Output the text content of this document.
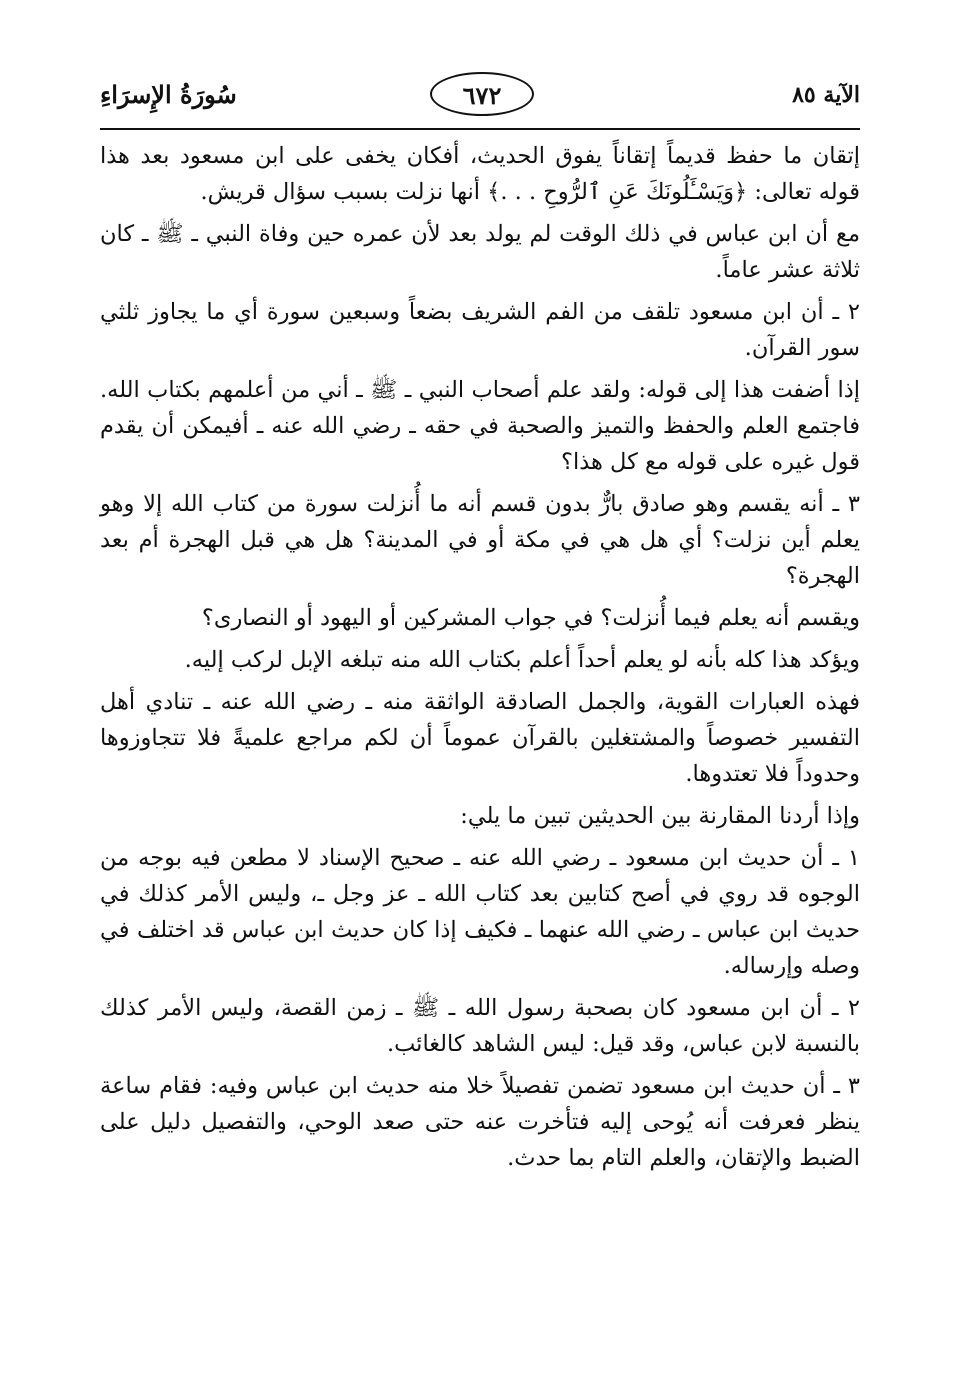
الآية ٨٥
٦٧٢
سُورَةُ الإِسرَاءِ

إتقان ما حفظ قديماً إتقاناً يفوق الحديث، أفكان يخفى على ابن مسعود بعد هذا قوله تعالى: ﴿وَيَسْـَٔلُونَكَ عَنِ ٱلرُّوحِ . . .﴾ أنها نزلت بسبب سؤال قريش.

مع أن ابن عباس في ذلك الوقت لم يولد بعد لأن عمره حين وفاة النبي ـ ﷺ ـ كان ثلاثة عشر عاماً.

٢ ـ أن ابن مسعود تلقف من الفم الشريف بضعاً وسبعين سورة أي ما يجاوز ثلثي سور القرآن.

إذا أضفت هذا إلى قوله: ولقد علم أصحاب النبي ـ ﷺ ـ أني من أعلمهم بكتاب الله. فاجتمع العلم والحفظ والتميز والصحبة في حقه ـ رضي الله عنه ـ أفيمكن أن يقدم قول غيره على قوله مع كل هذا؟

٣ ـ أنه يقسم وهو صادق بارٌّ بدون قسم أنه ما أُنزلت سورة من كتاب الله إلا وهو يعلم أين نزلت؟ أي هل هي في مكة أو في المدينة؟ هل هي قبل الهجرة أم بعد الهجرة؟

ويقسم أنه يعلم فيما أُنزلت؟ في جواب المشركين أو اليهود أو النصارى؟

ويؤكد هذا كله بأنه لو يعلم أحداً أعلم بكتاب الله منه تبلغه الإبل لركب إليه.

فهذه العبارات القوية، والجمل الصادقة الواثقة منه ـ رضي الله عنه ـ تنادي أهل التفسير خصوصاً والمشتغلين بالقرآن عموماً أن لكم مراجع علميةً فلا تتجاوزوها وحدوداً فلا تعتدوها.

وإذا أردنا المقارنة بين الحديثين تبين ما يلي:

١ ـ أن حديث ابن مسعود ـ رضي الله عنه ـ صحيح الإسناد لا مطعن فيه بوجه من الوجوه قد روي في أصح كتابين بعد كتاب الله ـ عز وجل ـ، وليس الأمر كذلك في حديث ابن عباس ـ رضي الله عنهما ـ فكيف إذا كان حديث ابن عباس قد اختلف في وصله وإرساله.

٢ ـ أن ابن مسعود كان بصحبة رسول الله ـ ﷺ ـ زمن القصة، وليس الأمر كذلك بالنسبة لابن عباس، وقد قيل: ليس الشاهد كالغائب.

٣ ـ أن حديث ابن مسعود تضمن تفصيلاً خلا منه حديث ابن عباس وفيه: فقام ساعة ينظر فعرفت أنه يُوحى إليه فتأخرت عنه حتى صعد الوحي، والتفصيل دليل على الضبط والإتقان، والعلم التام بما حدث.
